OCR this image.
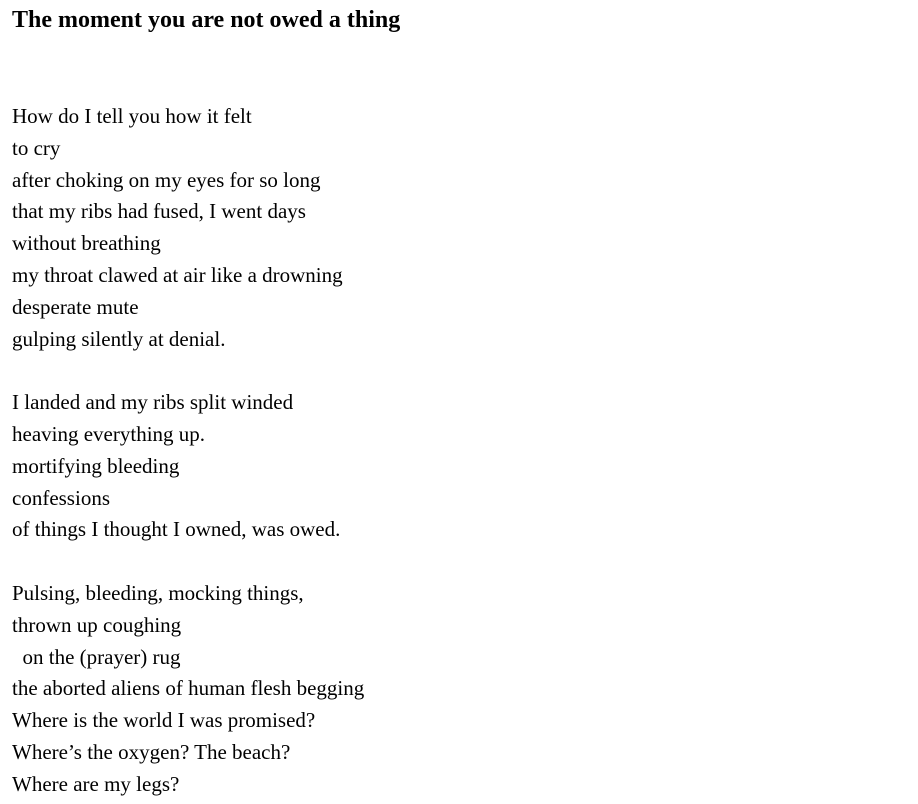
The moment you are not owed a thing
How do I tell you how it felt
to cry
after choking on my eyes for so long
that my ribs had fused, I went days
without breathing
my throat clawed at air like a drowning
desperate mute
gulping silently at denial.
I landed and my ribs split winded
heaving everything up.
mortifying bleeding
confessions
of things I thought I owned, was owed.
Pulsing, bleeding, mocking things,
thrown up coughing
on the (prayer) rug
the aborted aliens of human flesh begging
Where is the world I was promised?
Where’s the oxygen? The beach?
Where are my legs?
